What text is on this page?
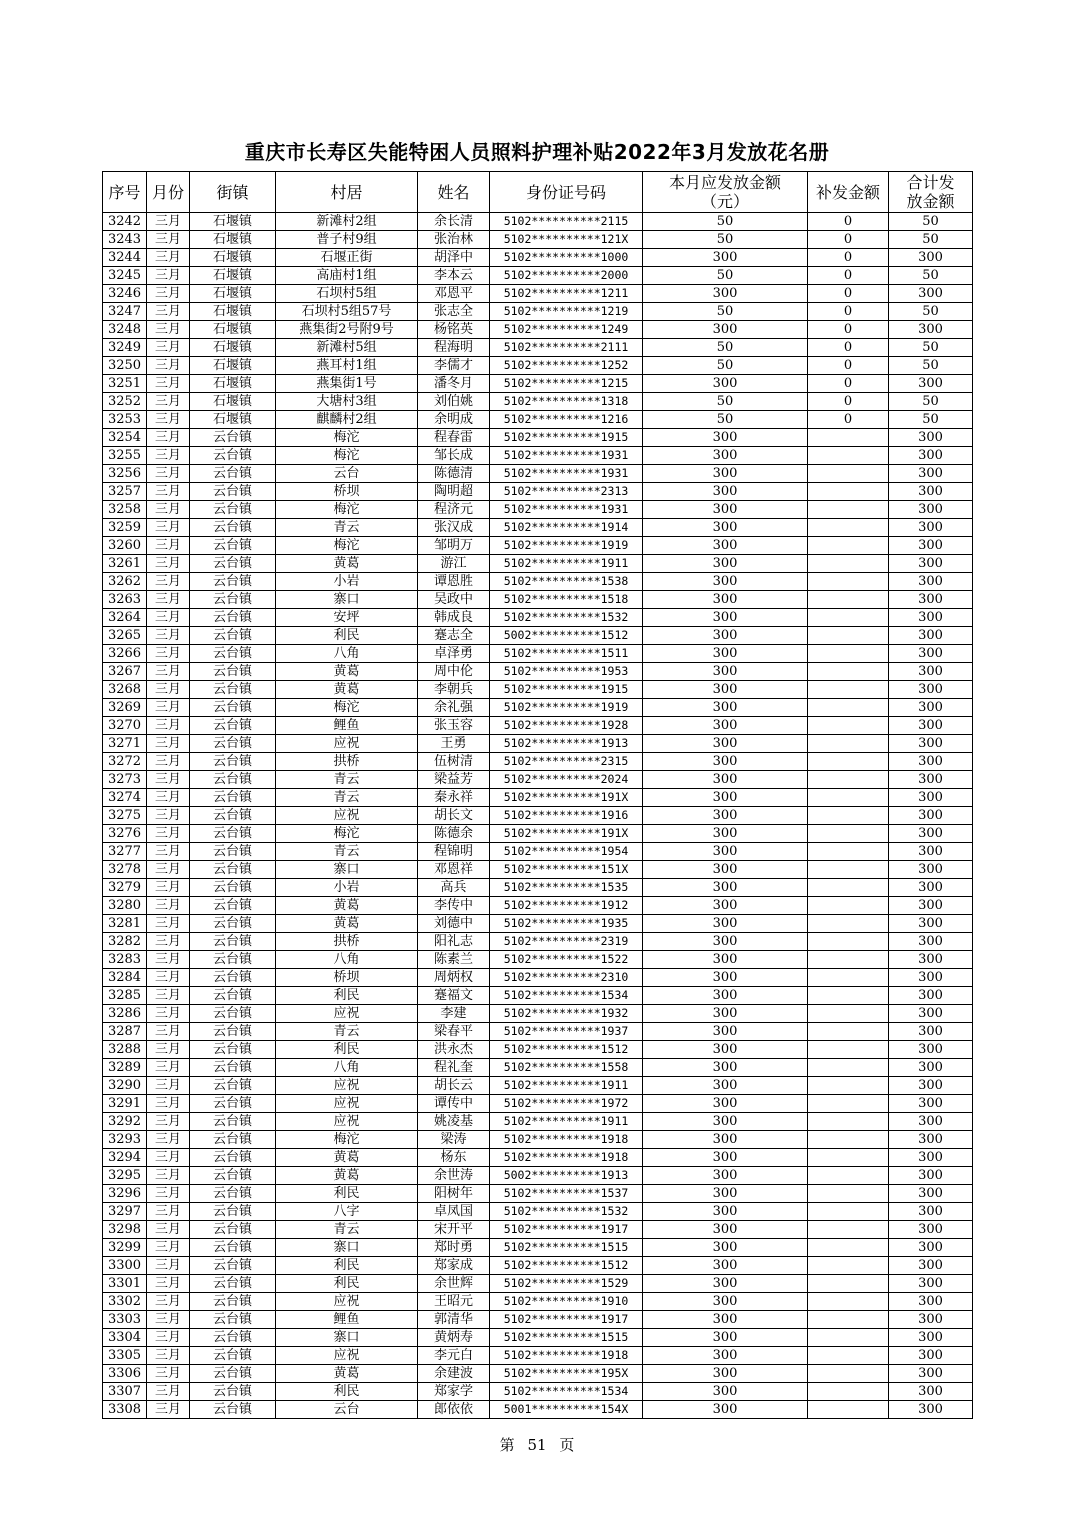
重庆市长寿区失能特困人员照料护理补贴2022年3月发放花名册
序号	月份	街镇	村居	姓名	身份证号码	本月应发放金额（元）	补发金额	合计发放金额
3242	三月	石堰镇	新滩村2组	余长清	5102**********2115	50	0	50
3243	三月	石堰镇	普子村9组	张治林	5102**********121X	50	0	50
3244	三月	石堰镇	石堰正街	胡泽中	5102**********1000	300	0	300
3245	三月	石堰镇	高庙村1组	李本云	5102**********2000	50	0	50
3246	三月	石堰镇	石坝村5组	邓恩平	5102**********1211	300	0	300
3247	三月	石堰镇	石坝村5组57号	张志全	5102**********1219	50	0	50
3248	三月	石堰镇	燕集街2号附9号	杨铭英	5102**********1249	300	0	300
3249	三月	石堰镇	新滩村5组	程海明	5102**********2111	50	0	50
3250	三月	石堰镇	燕耳村1组	李儒才	5102**********1252	50	0	50
3251	三月	石堰镇	燕集街1号	潘冬月	5102**********1215	300	0	300
3252	三月	石堰镇	大塘村3组	刘伯姚	5102**********1318	50	0	50
3253	三月	石堰镇	麒麟村2组	余明成	5102**********1216	50	0	50
3254	三月	云台镇	梅沱	程春雷	5102**********1915	300		300
3255	三月	云台镇	梅沱	邹长成	5102**********1931	300		300
3256	三月	云台镇	云台	陈德清	5102**********1931	300		300
3257	三月	云台镇	桥坝	陶明超	5102**********2313	300		300
3258	三月	云台镇	梅沱	程济元	5102**********1931	300		300
3259	三月	云台镇	青云	张汉成	5102**********1914	300		300
3260	三月	云台镇	梅沱	邹明万	5102**********1919	300		300
3261	三月	云台镇	黄葛	游江	5102**********1911	300		300
3262	三月	云台镇	小岩	谭恩胜	5102**********1538	300		300
3263	三月	云台镇	寨口	吴政中	5102**********1518	300		300
3264	三月	云台镇	安坪	韩成良	5102**********1532	300		300
3265	三月	云台镇	利民	蹇志全	5002**********1512	300		300
3266	三月	云台镇	八角	卓泽勇	5102**********1511	300		300
3267	三月	云台镇	黄葛	周中伦	5102**********1953	300		300
3268	三月	云台镇	黄葛	李朝兵	5102**********1915	300		300
3269	三月	云台镇	梅沱	余礼强	5102**********1919	300		300
3270	三月	云台镇	鲤鱼	张玉容	5102**********1928	300		300
3271	三月	云台镇	应祝	王勇	5102**********1913	300		300
3272	三月	云台镇	拱桥	伍树清	5102**********2315	300		300
3273	三月	云台镇	青云	梁益芳	5102**********2024	300		300
3274	三月	云台镇	青云	秦永祥	5102**********191X	300		300
3275	三月	云台镇	应祝	胡长文	5102**********1916	300		300
3276	三月	云台镇	梅沱	陈德余	5102**********191X	300		300
3277	三月	云台镇	青云	程锦明	5102**********1954	300		300
3278	三月	云台镇	寨口	邓恩祥	5102**********151X	300		300
3279	三月	云台镇	小岩	高兵	5102**********1535	300		300
3280	三月	云台镇	黄葛	李传中	5102**********1912	300		300
3281	三月	云台镇	黄葛	刘德中	5102**********1935	300		300
3282	三月	云台镇	拱桥	阳礼志	5102**********2319	300		300
3283	三月	云台镇	八角	陈素兰	5102**********1522	300		300
3284	三月	云台镇	桥坝	周炳权	5102**********2310	300		300
3285	三月	云台镇	利民	蹇福文	5102**********1534	300		300
3286	三月	云台镇	应祝	李建	5102**********1932	300		300
3287	三月	云台镇	青云	梁春平	5102**********1937	300		300
3288	三月	云台镇	利民	洪永杰	5102**********1512	300		300
3289	三月	云台镇	八角	程礼奎	5102**********1558	300		300
3290	三月	云台镇	应祝	胡长云	5102**********1911	300		300
3291	三月	云台镇	应祝	谭传中	5102**********1972	300		300
3292	三月	云台镇	应祝	姚凌基	5102**********1911	300		300
3293	三月	云台镇	梅沱	梁涛	5102**********1918	300		300
3294	三月	云台镇	黄葛	杨东	5102**********1918	300		300
3295	三月	云台镇	黄葛	余世涛	5002**********1913	300		300
3296	三月	云台镇	利民	阳树年	5102**********1537	300		300
3297	三月	云台镇	八字	卓凤国	5102**********1532	300		300
3298	三月	云台镇	青云	宋开平	5102**********1917	300		300
3299	三月	云台镇	寨口	郑时勇	5102**********1515	300		300
3300	三月	云台镇	利民	郑家成	5102**********1512	300		300
3301	三月	云台镇	利民	余世辉	5102**********1529	300		300
3302	三月	云台镇	应祝	王昭元	5102**********1910	300		300
3303	三月	云台镇	鲤鱼	郭清华	5102**********1917	300		300
3304	三月	云台镇	寨口	黄炳寿	5102**********1515	300		300
3305	三月	云台镇	应祝	李元白	5102**********1918	300		300
3306	三月	云台镇	黄葛	余建波	5102**********195X	300		300
3307	三月	云台镇	利民	郑家学	5102**********1534	300		300
3308	三月	云台镇	云台	郎依依	5001**********154X	300		300
第 51 页
